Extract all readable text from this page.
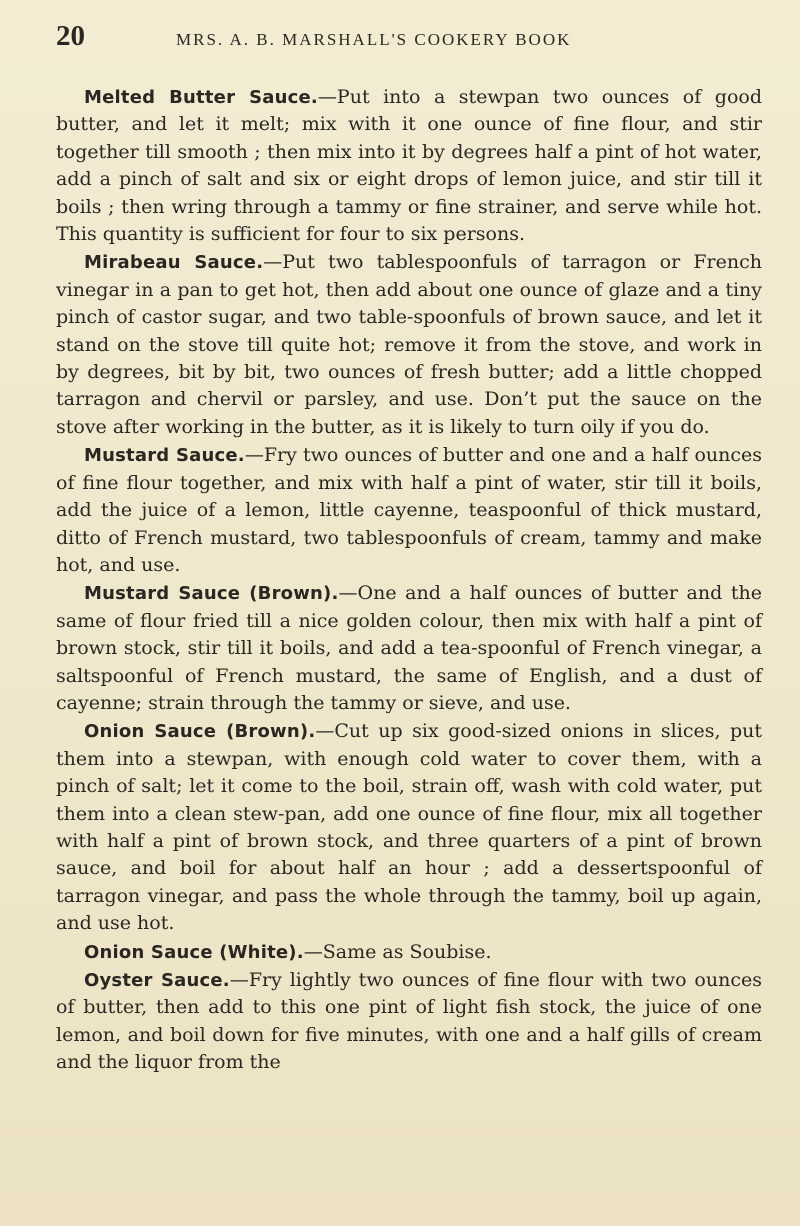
20	MRS. A. B. MARSHALL'S COOKERY BOOK

Melted Butter Sauce.—Put into a stewpan two ounces of good butter, and let it melt; mix with it one ounce of fine flour, and stir together till smooth ; then mix into it by degrees half a pint of hot water, add a pinch of salt and six or eight drops of lemon juice, and stir till it boils ; then wring through a tammy or fine strainer, and serve while hot. This quantity is sufficient for four to six persons.

Mirabeau Sauce.—Put two tablespoonfuls of tarragon or French vinegar in a pan to get hot, then add about one ounce of glaze and a tiny pinch of castor sugar, and two table-spoonfuls of brown sauce, and let it stand on the stove till quite hot; remove it from the stove, and work in by degrees, bit by bit, two ounces of fresh butter; add a little chopped tarragon and chervil or parsley, and use. Don’t put the sauce on the stove after working in the butter, as it is likely to turn oily if you do.

Mustard Sauce.—Fry two ounces of butter and one and a half ounces of fine flour together, and mix with half a pint of water, stir till it boils, add the juice of a lemon, little cayenne, teaspoonful of thick mustard, ditto of French mustard, two tablespoonfuls of cream, tammy and make hot, and use.

Mustard Sauce (Brown).—One and a half ounces of butter and the same of flour fried till a nice golden colour, then mix with half a pint of brown stock, stir till it boils, and add a tea-spoonful of French vinegar, a saltspoonful of French mustard, the same of English, and a dust of cayenne; strain through the tammy or sieve, and use.

Onion Sauce (Brown).—Cut up six good-sized onions in slices, put them into a stewpan, with enough cold water to cover them, with a pinch of salt; let it come to the boil, strain off, wash with cold water, put them into a clean stew-pan, add one ounce of fine flour, mix all together with half a pint of brown stock, and three quarters of a pint of brown sauce, and boil for about half an hour ; add a dessertspoonful of tarragon vinegar, and pass the whole through the tammy, boil up again, and use hot.

Onion Sauce (White).—Same as Soubise.

Oyster Sauce.—Fry lightly two ounces of fine flour with two ounces of butter, then add to this one pint of light fish stock, the juice of one lemon, and boil down for five minutes, with one and a half gills of cream and the liquor from the
